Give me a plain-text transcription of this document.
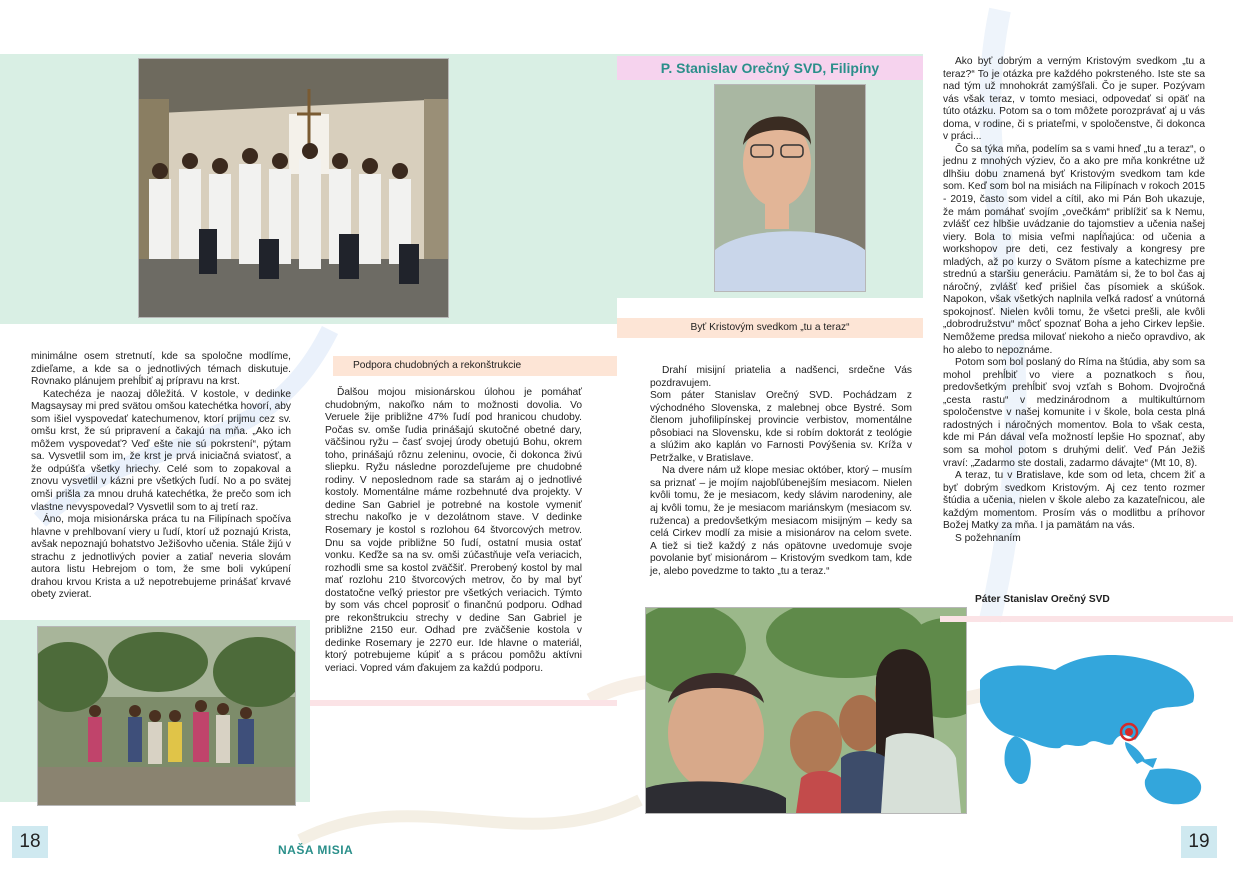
minimálne osem stretnutí, kde sa spoločne modlíme, zdieľame, a kde sa o jednotlivých témach diskutuje. Rovnako plánujem prehĺbiť aj prípravu na krst.

Katechéza je naozaj dôležitá. V kostole, v dedinke Magsaysay mi pred svätou omšou katechétka hovorí, aby som išiel vyspovedať katechumenov, ktorí prijmu cez sv. omšu krst, že sú pripravení a čakajú na mňa. „Ako ich môžem vyspovedať? Veď ešte nie sú pokrstení“, pýtam sa. Vysvetlil som im, že krst je prvá iniciačná sviatosť, a že odpúšťa všetky hriechy. Celé som to zopakoval a znovu vysvetlil v kázni pre všetkých ľudí. No a po svätej omši prišla za mnou druhá katechétka, že prečo som ich vlastne nevyspovedal? Vysvetlil som to aj tretí raz.

Áno, moja misionárska práca tu na Filipínach spočíva hlavne v prehlbovaní viery u ľudí, ktorí už poznajú Krista, avšak nepoznajú bohatstvo Ježišovho učenia. Stále žijú v strachu z jednotlivých povier a zatiaľ neveria slovám autora listu Hebrejom o tom, že sme boli vykúpení drahou krvou Krista a už nepotrebujeme prinášať krvavé obety zvierat.

Podpora chudobných a rekonštrukcie

Ďalšou mojou misionárskou úlohou je pomáhať chudobným, nakoľko nám to možnosti dovolia. Vo Veruele žije približne 47% ľudí pod hranicou chudoby. Počas sv. omše ľudia prinášajú skutočné obetné dary, väčšinou ryžu – časť svojej úrody obetujú Bohu, okrem toho, prinášajú rôznu zeleninu, ovocie, či dokonca živú sliepku. Ryžu následne porozdeľujeme pre chudobné rodiny. V neposlednom rade sa starám aj o jednotlivé kostoly. Momentálne máme rozbehnuté dva projekty. V dedine San Gabriel je potrebné na kostole vymeniť strechu nakoľko je v dezolátnom stave. V dedinke Rosemary je kostol s rozlohou 64 štvorcových metrov. Dnu sa vojde približne 50 ľudí, ostatní musia ostať vonku. Keďže sa na sv. omši zúčastňuje veľa veriacich, rozhodli sme sa kostol zväčšiť. Prerobený kostol by mal mať rozlohu 210 štvorcových metrov, čo by mal byť dostatočne veľký priestor pre všetkých veriacich. Týmto by som vás chcel poprosiť o finančnú podporu. Odhad pre rekonštrukciu strechy v dedine San Gabriel je približne 2150 eur. Odhad pre zväčšenie kostola v dedinke Rosemary je 2270 eur. Ide hlavne o materiál, ktorý potrebujeme kúpiť a s prácou pomôžu aktívni veriaci. Vopred vám ďakujem za každú podporu.

18	NAŠA MISIA
P. Stanislav Orečný SVD, Filipíny
Byť Kristovým svedkom „tu a teraz“

Drahí misijní priatelia a nadšenci, srdečne Vás pozdravujem.

Som páter Stanislav Orečný SVD. Pochádzam z východného Slovenska, z malebnej obce Bystré. Som členom juhofilipínskej provincie verbistov, momentálne pôsobiaci na Slovensku, kde si robím doktorát z teológie a slúžim ako kaplán vo Farnosti Povýšenia sv. Kríža v Petržalke, v Bratislave.

Na dvere nám už klope mesiac október, ktorý – musím sa priznať – je mojím najobľúbenejším mesiacom. Nielen kvôli tomu, že je mesiacom, kedy slávim narodeniny, ale aj kvôli tomu, že je mesiacom mariánskym (mesiacom sv. ruženca) a predovšetkým mesiacom misijným – kedy sa celá Cirkev modlí za misie a misionárov na celom svete. A tiež si tiež každý z nás opätovne uvedomuje svoje povolanie byť misionárom – Kristovým svedkom tam, kde je, alebo povedzme to takto „tu a teraz.“

Ako byť dobrým a verným Kristovým svedkom „tu a teraz?“ To je otázka pre každého pokrsteného. Iste ste sa nad tým už mnohokrát zamýšľali. Čo je super. Pozývam vás však teraz, v tomto mesiaci, odpovedať si opäť na túto otázku. Potom sa o tom môžete porozprávať aj u vás doma, v rodine, či s priateľmi, v spoločenstve, či dokonca v práci...

Čo sa týka mňa, podelím sa s vami hneď „tu a teraz“, o jednu z mnohých výziev, čo a ako pre mňa konkrétne už dlhšiu dobu znamená byť Kristovým svedkom tam kde som. Keď som bol na misiách na Filipínach v rokoch 2015 - 2019, často som videl a cítil, ako mi Pán Boh ukazuje, že mám pomáhať svojím „ovečkám“ priblížiť sa k Nemu, zvlášť cez hlbšie uvádzanie do tajomstiev a učenia našej viery. Bola to misia veľmi napĺňajúca: od učenia a workshopov pre deti, cez festivaly a kongresy pre mladých, až po kurzy o Svätom písme a katechizme pre strednú a staršiu generáciu. Pamätám si, že to bol čas aj náročný, zvlášť keď prišiel čas písomiek a skúšok. Napokon, však všetkých naplnila veľká radosť a vnútorná spokojnosť. Nielen kvôli tomu, že všetci prešli, ale kvôli „dobrodružstvu“ môcť spoznať Boha a jeho Cirkev lepšie. Nemôžeme predsa milovať niekoho a niečo opravdivo, ak ho alebo to nepoznáme.

Potom som bol poslaný do Ríma na štúdia, aby som sa mohol prehĺbiť vo viere a poznatkoch s ňou, predovšetkým prehĺbiť svoj vzťah s Bohom. Dvojročná „cesta rastu“ v medzinárodnom a multikultúrnom spoločenstve v našej komunite i v škole, bola cesta plná radostných i náročných momentov. Bola to však cesta, kde mi Pán dával veľa možností lepšie Ho spoznať, aby som sa mohol potom s druhými deliť. Veď Pán Ježiš vraví: „Zadarmo ste dostali, zadarmo dávajte“ (Mt 10, 8).

A teraz, tu v Bratislave, kde som od leta, chcem žiť a byť dobrým svedkom Kristovým. Aj cez tento rozmer štúdia a učenia, nielen v škole alebo za kazateľnicou, ale každým momentom. Prosím vás o modlitbu a príhovor Božej Matky za mňa. I ja pamätám na vás.

S požehnaním

Páter Stanislav Orečný SVD
19
